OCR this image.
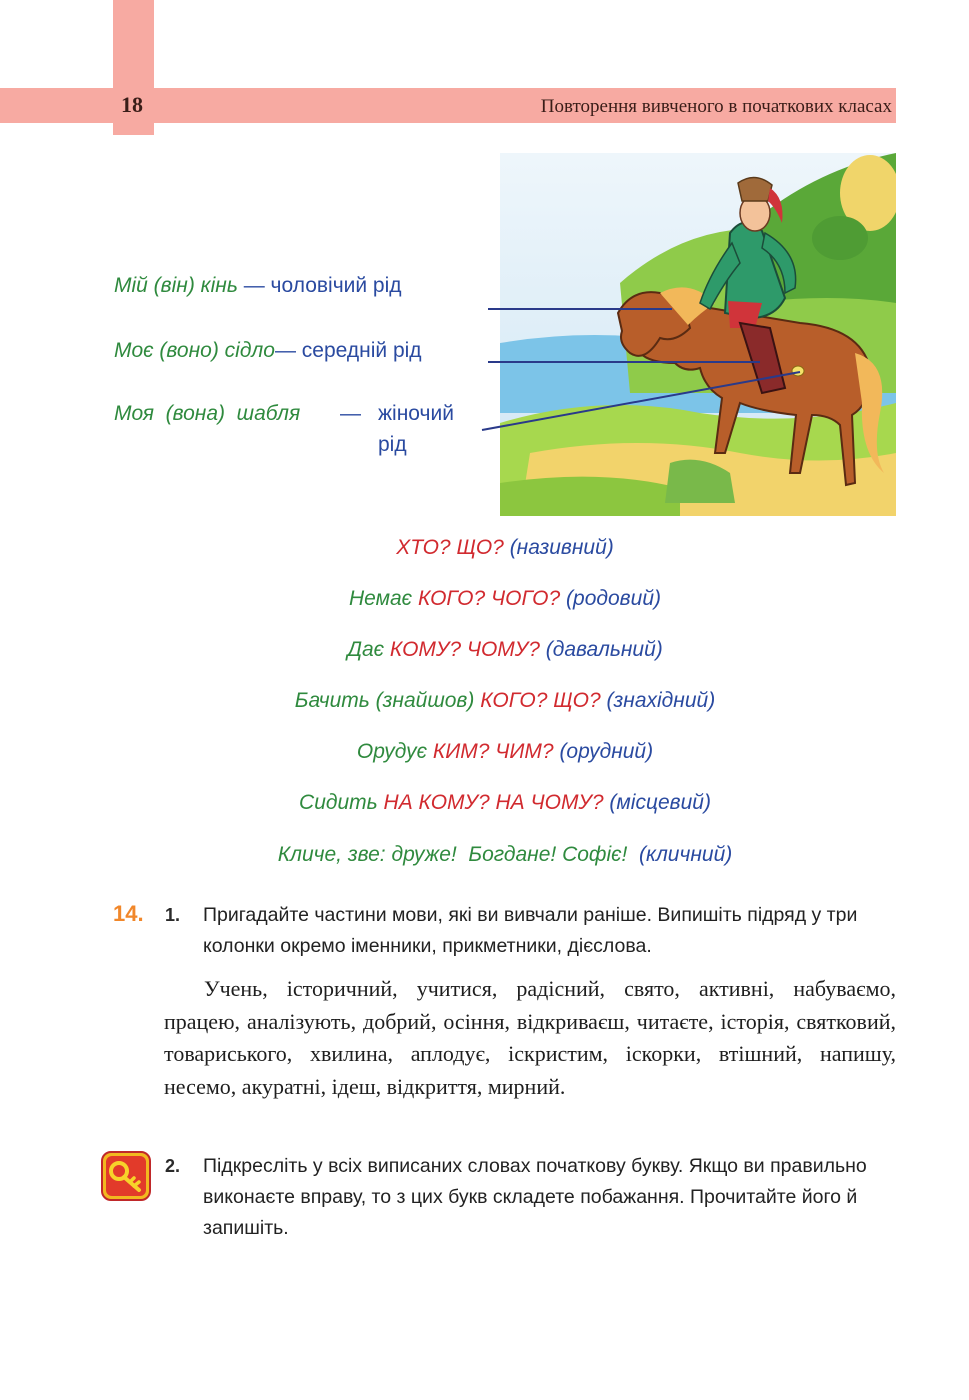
18	Повторення вивченого в початкових класах
Мій (він) кінь — чоловічий рід
Моє (воно) сідло— середній рід
Моя  (вона)  шабля — жіночий
рід
ХТО? ЩО? (називний)
Немає КОГО? ЧОГО? (родовий)
Дає КОМУ? ЧОМУ? (давальний)
Бачить (знайшов) КОГО? ЩО? (знахідний)
Орудує КИМ? ЧИМ? (орудний)
Сидить НА КОМУ? НА ЧОМУ? (місцевий)
Кличе, зве: друже!  Богдане! Софіє! (кличний)
14. 1. Пригадайте частини мови, які ви вивчали раніше. Випишіть підряд у три колонки окремо іменники, прикметники, дієслова.
Учень, історичний, учитися, радісний, свято, активні, набуваємо, працею, аналізують, добрий, осіння, відкриваєш, читаєте, історія, святковий, товариського, хвилина, аплодує, іскристим, іскорки, втішний, напишу, несемо, акуратні, ідеш, відкриття, мирний.
2. Підкресліть у всіх виписаних словах початкову букву. Якщо ви правильно виконаєте вправу, то з цих букв складете побажання. Прочитайте його й запишіть.
